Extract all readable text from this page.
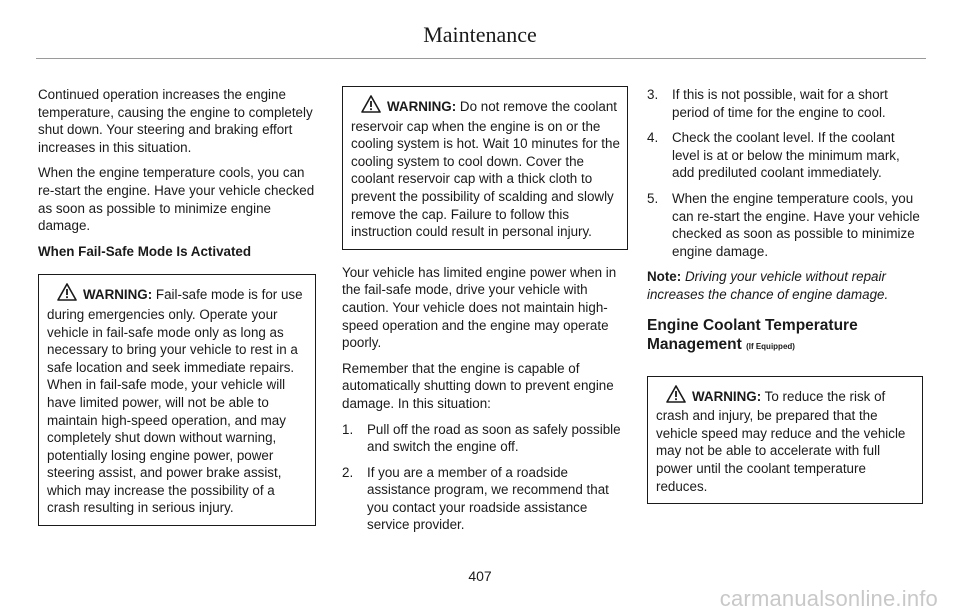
Maintenance

Continued operation increases the engine temperature, causing the engine to completely shut down. Your steering and braking effort increases in this situation.

When the engine temperature cools, you can re-start the engine. Have your vehicle checked as soon as possible to minimize engine damage.

When Fail-Safe Mode Is Activated

WARNING: Fail-safe mode is for use during emergencies only. Operate your vehicle in fail-safe mode only as long as necessary to bring your vehicle to rest in a safe location and seek immediate repairs. When in fail-safe mode, your vehicle will have limited power, will not be able to maintain high-speed operation, and may completely shut down without warning, potentially losing engine power, power steering assist, and power brake assist, which may increase the possibility of a crash resulting in serious injury.
WARNING: Do not remove the coolant reservoir cap when the engine is on or the cooling system is hot. Wait 10 minutes for the cooling system to cool down. Cover the coolant reservoir cap with a thick cloth to prevent the possibility of scalding and slowly remove the cap. Failure to follow this instruction could result in personal injury.

Your vehicle has limited engine power when in the fail-safe mode, drive your vehicle with caution. Your vehicle does not maintain high-speed operation and the engine may operate poorly.

Remember that the engine is capable of automatically shutting down to prevent engine damage. In this situation:

1. Pull off the road as soon as safely possible and switch the engine off.
2. If you are a member of a roadside assistance program, we recommend that you contact your roadside assistance service provider.
3. If this is not possible, wait for a short period of time for the engine to cool.
4. Check the coolant level. If the coolant level is at or below the minimum mark, add prediluted coolant immediately.
5. When the engine temperature cools, you can re-start the engine. Have your vehicle checked as soon as possible to minimize engine damage.

Note: Driving your vehicle without repair increases the chance of engine damage.

Engine Coolant Temperature Management (If Equipped)
WARNING: To reduce the risk of crash and injury, be prepared that the vehicle speed may reduce and the vehicle may not be able to accelerate with full power until the coolant temperature reduces.
407
carmanualsonline.info
